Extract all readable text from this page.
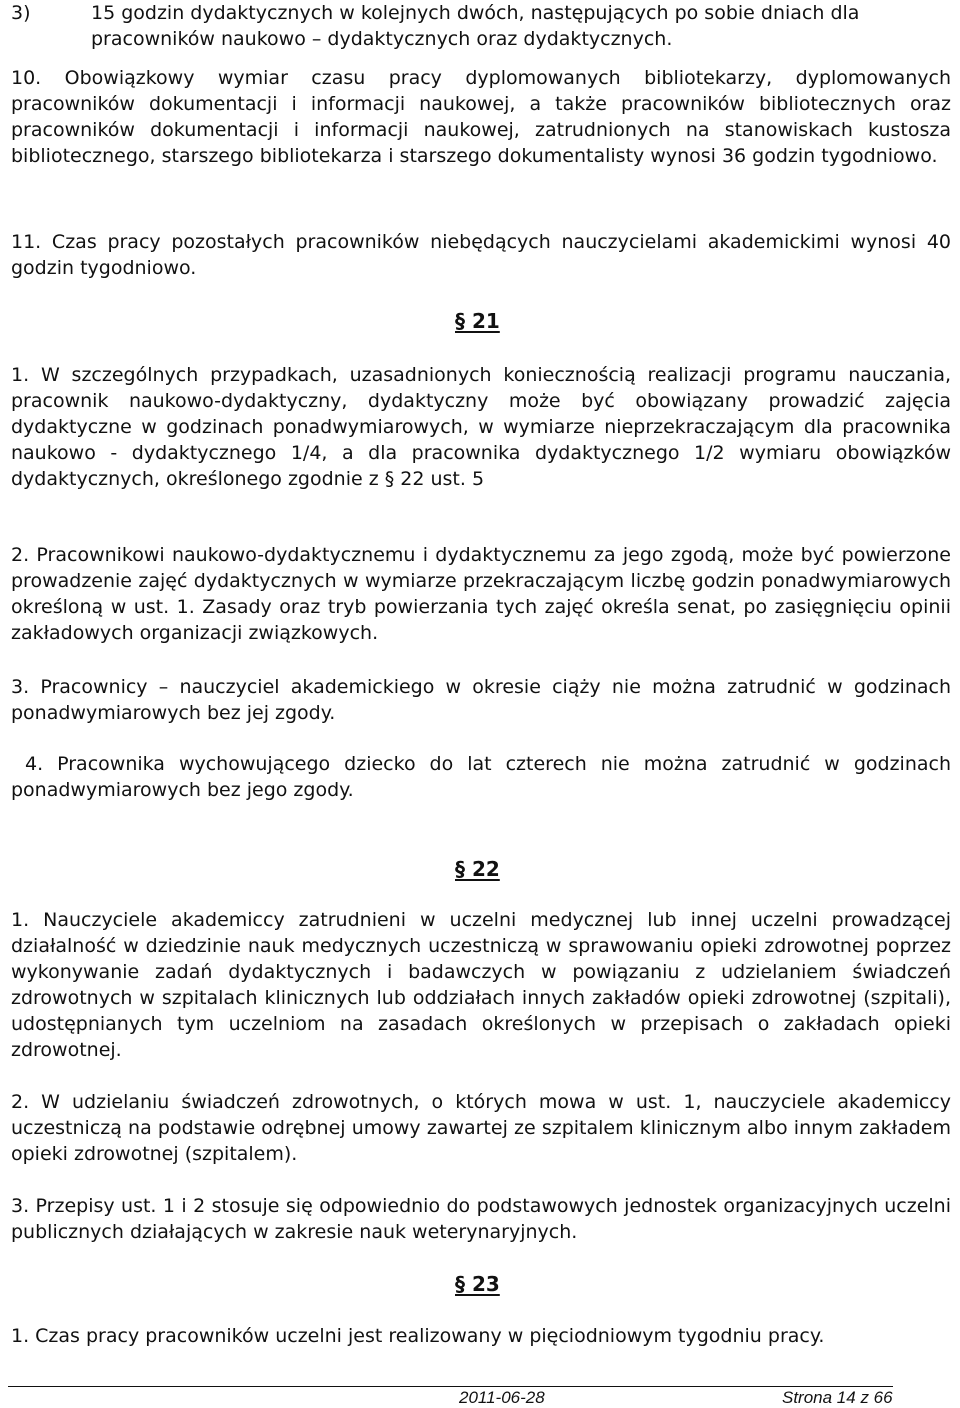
3)	15 godzin dydaktycznych w kolejnych dwóch, następujących po sobie dniach dla pracowników naukowo – dydaktycznych oraz dydaktycznych.

10. Obowiązkowy wymiar czasu pracy dyplomowanych bibliotekarzy, dyplomowanych pracowników dokumentacji i informacji naukowej, a także pracowników bibliotecznych oraz pracowników dokumentacji i informacji naukowej, zatrudnionych na stanowiskach kustosza bibliotecznego, starszego bibliotekarza i starszego dokumentalisty wynosi 36 godzin tygodniowo.

11. Czas pracy pozostałych pracowników niebędących nauczycielami akademickimi wynosi 40 godzin tygodniowo.

§ 21

1. W szczególnych przypadkach, uzasadnionych koniecznością realizacji programu nauczania, pracownik naukowo-dydaktyczny, dydaktyczny może być obowiązany prowadzić zajęcia dydaktyczne w godzinach ponadwymiarowych, w wymiarze nieprzekraczającym dla pracownika naukowo - dydaktycznego 1/4, a dla pracownika dydaktycznego 1/2 wymiaru obowiązków dydaktycznych, określonego zgodnie z § 22 ust. 5

2. Pracownikowi naukowo-dydaktycznemu i dydaktycznemu za jego zgodą, może być powierzone prowadzenie zajęć dydaktycznych w wymiarze przekraczającym liczbę godzin ponadwymiarowych określoną w ust. 1. Zasady oraz tryb powierzania tych zajęć określa senat, po zasięgnięciu opinii zakładowych organizacji związkowych.

3. Pracownicy – nauczyciel akademickiego w okresie ciąży nie można zatrudnić w godzinach ponadwymiarowych bez jej zgody.

4. Pracownika wychowującego dziecko do lat czterech nie można zatrudnić w godzinach ponadwymiarowych bez jego zgody.

§ 22

1. Nauczyciele akademiccy zatrudnieni w uczelni medycznej lub innej uczelni prowadzącej działalność w dziedzinie nauk medycznych uczestniczą w sprawowaniu opieki zdrowotnej poprzez wykonywanie zadań dydaktycznych i badawczych w powiązaniu z udzielaniem świadczeń zdrowotnych w szpitalach klinicznych lub oddziałach innych zakładów opieki zdrowotnej (szpitali), udostępnianych tym uczelniom na zasadach określonych w przepisach o zakładach opieki zdrowotnej.

2. W udzielaniu świadczeń zdrowotnych, o których mowa w ust. 1, nauczyciele akademiccy uczestniczą na podstawie odrębnej umowy zawartej ze szpitalem klinicznym albo innym zakładem opieki zdrowotnej (szpitalem).

3. Przepisy ust. 1 i 2 stosuje się odpowiednio do podstawowych jednostek organizacyjnych uczelni publicznych działających w zakresie nauk weterynaryjnych.

§ 23

1. Czas pracy pracowników uczelni jest realizowany w pięciodniowym tygodniu pracy.

2011-06-28	Strona 14 z 66
